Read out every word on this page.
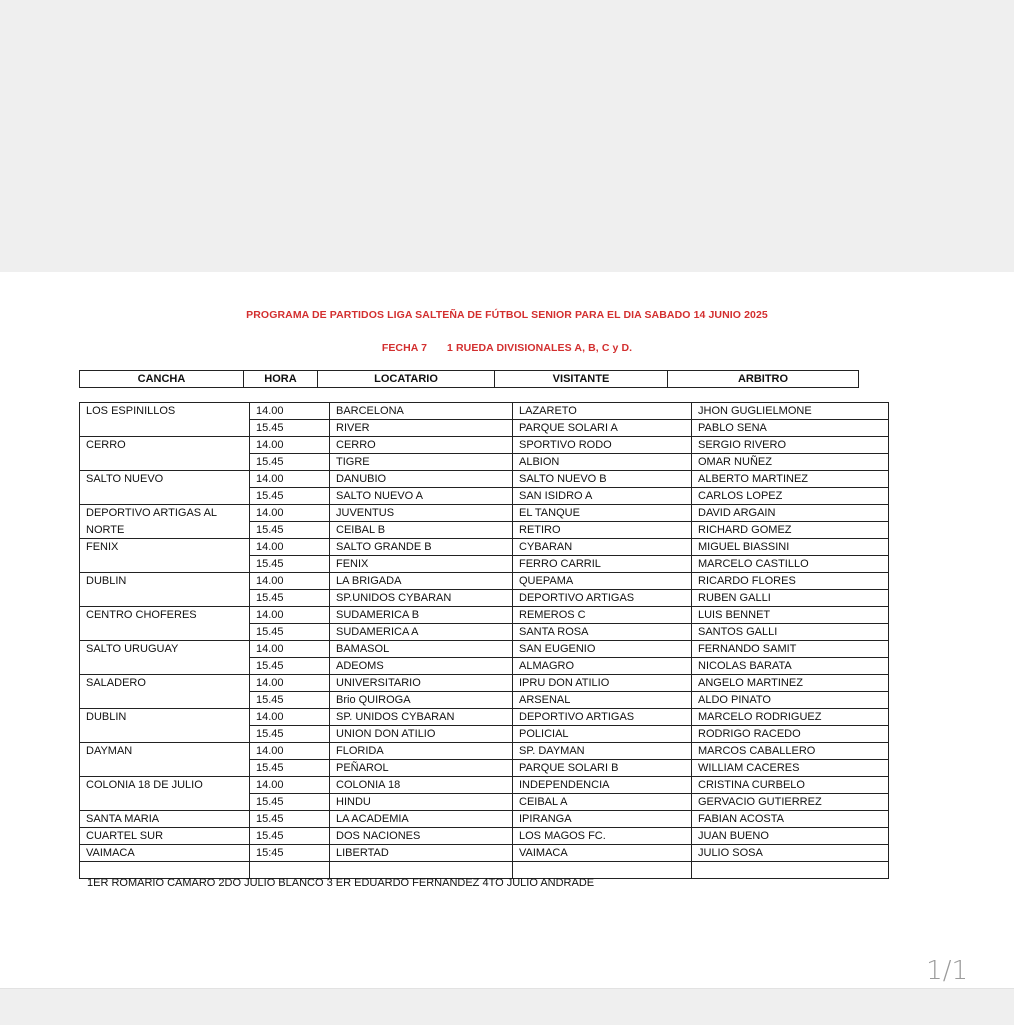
PROGRAMA DE PARTIDOS LIGA SALTEÑA DE FÚTBOL SENIOR PARA EL DIA SABADO 14 JUNIO 2025
FECHA 7 1 RUEDA DIVISIONALES A, B, C y D.
CANCHA	HORA	LOCATARIO	VISITANTE	ARBITRO
LOS ESPINILLOS	14.00	BARCELONA	LAZARETO	JHON GUGLIELMONE
	15.45	RIVER	PARQUE SOLARI A	PABLO SENA
CERRO	14.00	CERRO	SPORTIVO RODO	SERGIO RIVERO
	15.45	TIGRE	ALBION	OMAR NUÑEZ
SALTO NUEVO	14.00	DANUBIO	SALTO NUEVO B	ALBERTO MARTINEZ
	15.45	SALTO NUEVO A	SAN ISIDRO A	CARLOS LOPEZ
DEPORTIVO ARTIGAS AL	14.00	JUVENTUS	EL TANQUE	DAVID ARGAIN
NORTE	15.45	CEIBAL B	RETIRO	RICHARD GOMEZ
FENIX	14.00	SALTO GRANDE B	CYBARAN	MIGUEL BIASSINI
	15.45	FENIX	FERRO CARRIL	MARCELO CASTILLO
DUBLIN	14.00	LA BRIGADA	QUEPAMA	RICARDO FLORES
	15.45	SP.UNIDOS CYBARAN	DEPORTIVO ARTIGAS	RUBEN GALLI
CENTRO CHOFERES	14.00	SUDAMERICA B	REMEROS C	LUIS BENNET
	15.45	SUDAMERICA A	SANTA ROSA	SANTOS GALLI
SALTO URUGUAY	14.00	BAMASOL	SAN EUGENIO	FERNANDO SAMIT
	15.45	ADEOMS	ALMAGRO	NICOLAS BARATA
SALADERO	14.00	UNIVERSITARIO	IPRU DON ATILIO	ANGELO MARTINEZ
	15.45	Brio QUIROGA	ARSENAL	ALDO PINATO
DUBLIN	14.00	SP. UNIDOS CYBARAN	DEPORTIVO ARTIGAS	MARCELO RODRIGUEZ
	15.45	UNION DON ATILIO	POLICIAL	RODRIGO RACEDO
DAYMAN	14.00	FLORIDA	SP. DAYMAN	MARCOS CABALLERO
	15.45	PEÑAROL	PARQUE SOLARI B	WILLIAM CACERES
COLONIA 18 DE JULIO	14.00	COLONIA 18	INDEPENDENCIA	CRISTINA CURBELO
	15.45	HINDU	CEIBAL A	GERVACIO GUTIERREZ
SANTA MARIA	15.45	LA ACADEMIA	IPIRANGA	FABIAN ACOSTA
CUARTEL SUR	15.45	DOS NACIONES	LOS MAGOS FC.	JUAN BUENO
VAIMACA	15:45	LIBERTAD	VAIMACA	JULIO SOSA

1ER ROMARIO CAMARO 2DO JULIO BLANCO 3 ER EDUARDO FERNANDEZ 4TO JULIO ANDRADE
1/1
